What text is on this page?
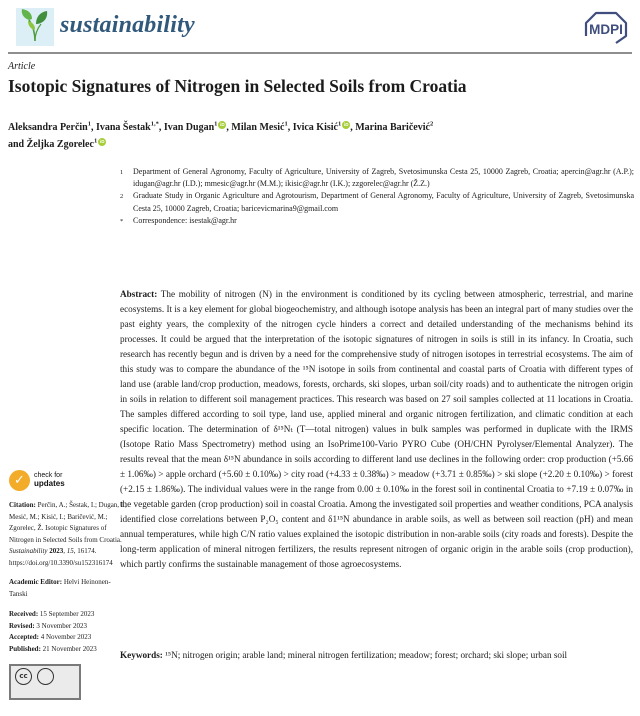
sustainability	MDPI
Article
Isotopic Signatures of Nitrogen in Selected Soils from Croatia
Aleksandra Perčin$^1$, Ivana Šestak$^{1,*}$, Ivan Dugan$^1$ iD , Milan Mesić$^1$, Ivica Kisić$^1$ iD , Marina Baričević$^2$
and Željka Zgorelec$^1$ iD
1	Department of General Agronomy, Faculty of Agriculture, University of Zagreb, Svetosimunska Cesta 25, 10000 Zagreb, Croatia; apercin@agr.hr (A.P.); idugan@agr.hr (I.D.); mmesic@agr.hr (M.M.); ikisic@agr.hr (I.K.); zzgorelec@agr.hr (Ž.Z.)
2	Graduate Study in Organic Agriculture and Agrotourism, Department of General Agronomy, Faculty of Agriculture, University of Zagreb, Svetosimunska Cesta 25, 10000 Zagreb, Croatia; baricevicmarina9@gmail.com
*	Correspondence: isestak@agr.hr
Abstract: The mobility of nitrogen (N) in the environment is conditioned by its cycling between atmospheric, terrestrial, and marine ecosystems. It is a key element for global biogeochemistry, and although isotope analysis has been an integral part of many studies over the past eighty years, the complexity of the nitrogen cycle hinders a correct and detailed understanding of the mechanisms behind its processes. It could be argued that the interpretation of the isotopic signatures of nitrogen in soils is still in its infancy. In Croatia, such research has recently begun and is driven by a need for the comprehensive study of nitrogen isotopes in terrestrial ecosystems. The aim of this study was to compare the abundance of the ¹⁵N isotope in soils from continental and coastal parts of Croatia with different types of land use (arable land/crop production, meadows, forests, orchards, ski slopes, urban soil/city roads) and to authenticate the nitrogen origin in soils in relation to different soil management practices. This research was based on 27 soil samples collected at 11 locations in Croatia. The samples differed according to soil type, land use, applied mineral and organic nitrogen fertilization, and climatic condition at each specific location. The determination of δ¹⁵Nₜ (T—total nitrogen) values in bulk samples was performed in duplicate with the IRMS (Isotope Ratio Mass Spectrometry) method using an IsoPrime100-Vario PYRO Cube (OH/CHN Pyrolyser/Elemental Analyzer). The results reveal that the mean δ¹⁵N abundance in soils according to different land use declines in the following order: crop production (+5.66 ± 1.06‰) > apple orchard (+5.60 ± 0.10‰) > city road (+4.33 ± 0.38‰) > meadow (+3.71 ± 0.85‰) > ski slope (+2.20 ± 0.10‰) > forest (+2.15 ± 1.86‰). The individual values were in the range from 0.00 ± 0.10‰ in the forest soil in continental Croatia to +7.19 ± 0.07‰ in the vegetable garden (crop production) soil in coastal Croatia. Among the investigated soil properties and weather conditions, PCA analysis identified close correlations between P₂O₅ content and δ1¹⁵N abundance in arable soils, as well as between soil reaction (pH) and mean annual temperatures, while high C/N ratio values explained the isotopic distribution in non-arable soils (city roads and forests). Despite the long-term application of mineral nitrogen fertilizers, the results represent nitrogen of organic origin in the arable soils (crop production), which partly confirms the sustainable management of those agroecosystems.
Keywords: ¹⁵N; nitrogen origin; arable land; mineral nitrogen fertilization; meadow; forest; orchard; ski slope; urban soil
✓	check for
updates
Citation: Perčin, A.; Šestak, I.; Dugan, I.; Mesić, M.; Kisić, I.; Baričević, M.; Zgorelec, Ž. Isotopic Signatures of Nitrogen in Selected Soils from Croatia. Sustainability 2023, 15, 16174. https://doi.org/10.3390/su152316174
Academic Editor: Helvi Heinonen-Tanski
Received: 15 September 2023
Revised: 3 November 2023
Accepted: 4 November 2023
Published: 21 November 2023
cc
